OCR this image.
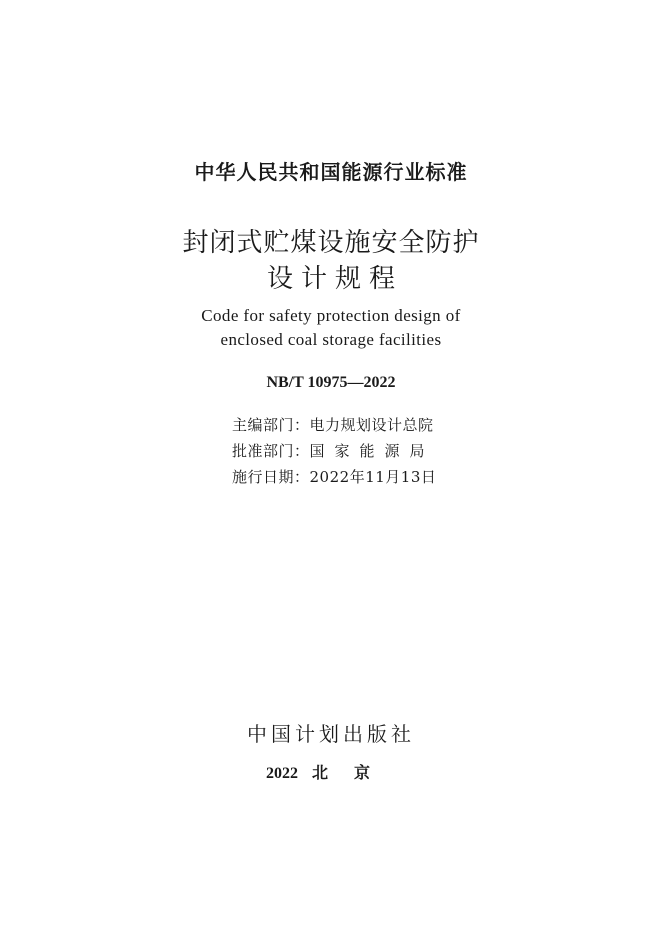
中华人民共和国能源行业标准
封闭式贮煤设施安全防护
设计规程
Code for safety protection design of
enclosed coal storage facilities
NB/T 10975—2022
主编部门：电力规划设计总院
批准部门：国家能源局
施行日期：2022年11月13日
中国计划出版社
2022 北京
